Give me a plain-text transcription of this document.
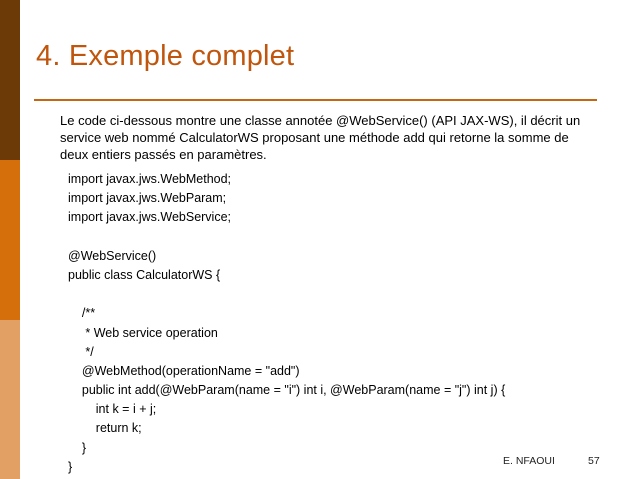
4. Exemple complet

Le code ci-dessous montre une classe annotée @WebService() (API JAX-WS), il décrit un service web nommé CalculatorWS proposant une méthode add qui retorne la somme de deux entiers passés en paramètres.

import javax.jws.WebMethod;
import javax.jws.WebParam;
import javax.jws.WebService;
@WebService()
public class CalculatorWS {
/**
* Web service operation
*/
@WebMethod(operationName = "add")
public int add(@WebParam(name = "i") int i, @WebParam(name = "j") int j) {
int k = i + j;
return k;
}
}	E. NFAOUI	57
